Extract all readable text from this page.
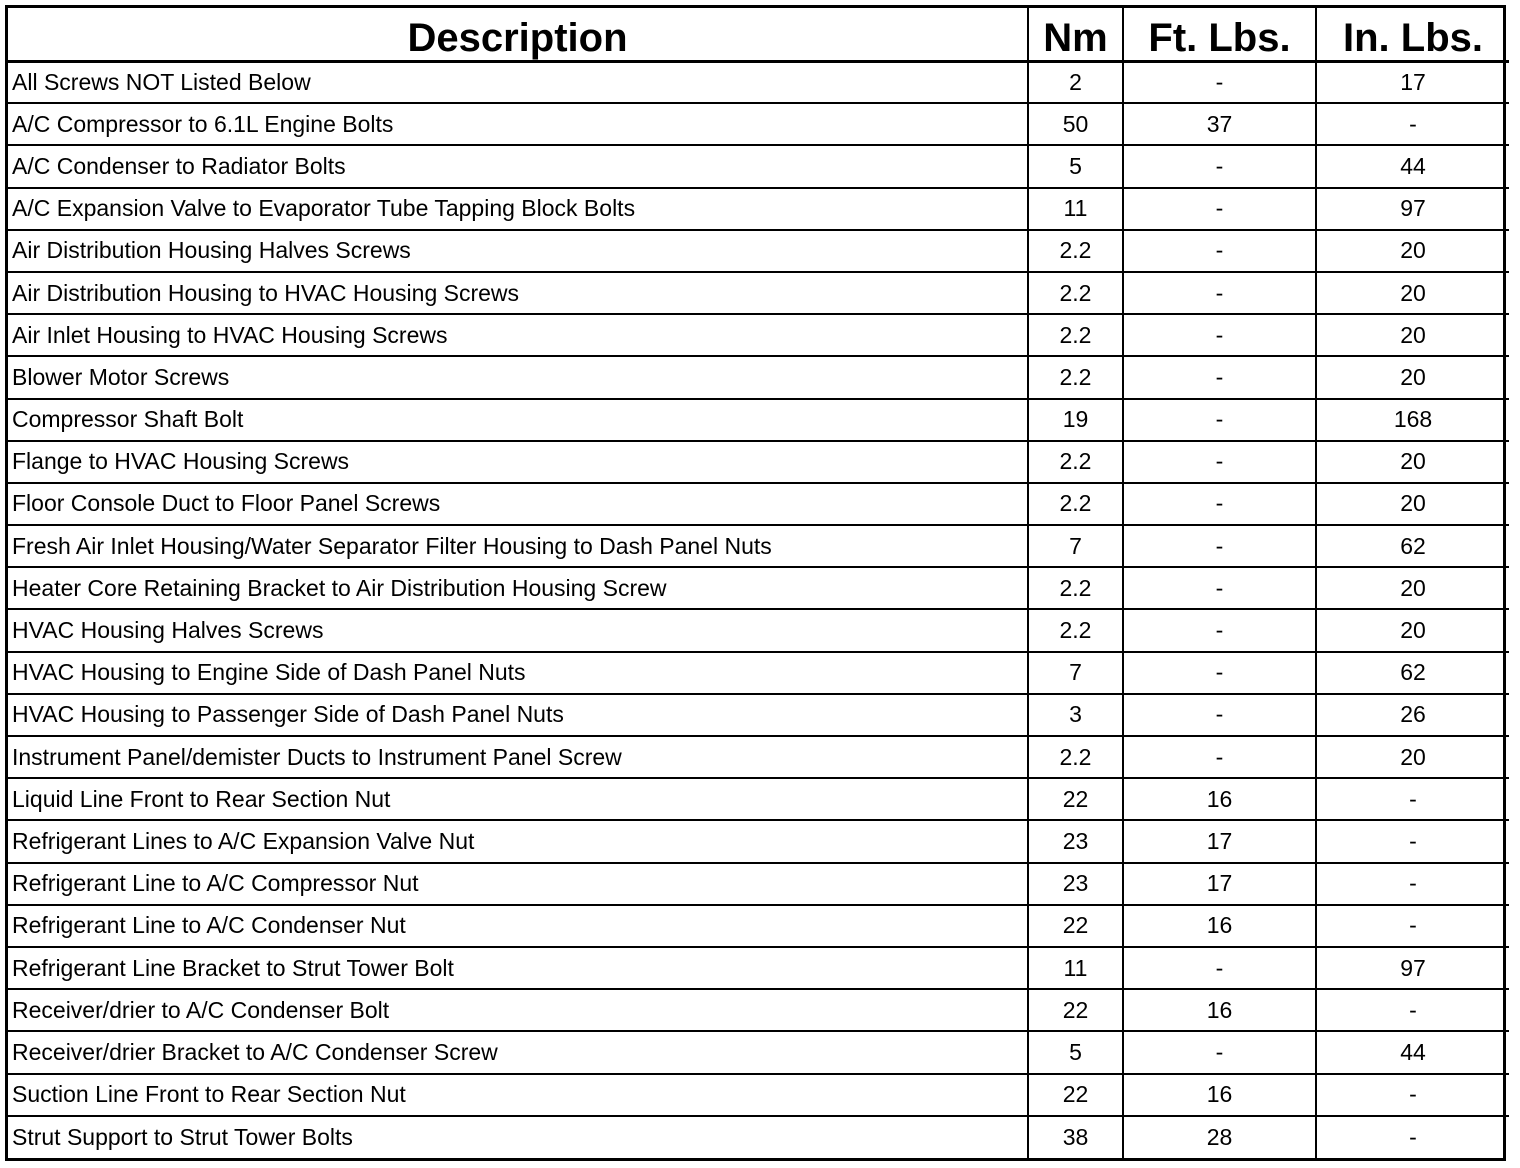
Description	Nm	Ft. Lbs.	In. Lbs.
All Screws NOT Listed Below	2	-	17
A/C Compressor to 6.1L Engine Bolts	50	37	-
A/C Condenser to Radiator Bolts	5	-	44
A/C Expansion Valve to Evaporator Tube Tapping Block Bolts	11	-	97
Air Distribution Housing Halves Screws	2.2	-	20
Air Distribution Housing to HVAC Housing Screws	2.2	-	20
Air Inlet Housing to HVAC Housing Screws	2.2	-	20
Blower Motor Screws	2.2	-	20
Compressor Shaft Bolt	19	-	168
Flange to HVAC Housing Screws	2.2	-	20
Floor Console Duct to Floor Panel Screws	2.2	-	20
Fresh Air Inlet Housing/Water Separator Filter Housing to Dash Panel Nuts	7	-	62
Heater Core Retaining Bracket to Air Distribution Housing Screw	2.2	-	20
HVAC Housing Halves Screws	2.2	-	20
HVAC Housing to Engine Side of Dash Panel Nuts	7	-	62
HVAC Housing to Passenger Side of Dash Panel Nuts	3	-	26
Instrument Panel/demister Ducts to Instrument Panel Screw	2.2	-	20
Liquid Line Front to Rear Section Nut	22	16	-
Refrigerant Lines to A/C Expansion Valve Nut	23	17	-
Refrigerant Line to A/C Compressor Nut	23	17	-
Refrigerant Line to A/C Condenser Nut	22	16	-
Refrigerant Line Bracket to Strut Tower Bolt	11	-	97
Receiver/drier to A/C Condenser Bolt	22	16	-
Receiver/drier Bracket to A/C Condenser Screw	5	-	44
Suction Line Front to Rear Section Nut	22	16	-
Strut Support to Strut Tower Bolts	38	28	-
